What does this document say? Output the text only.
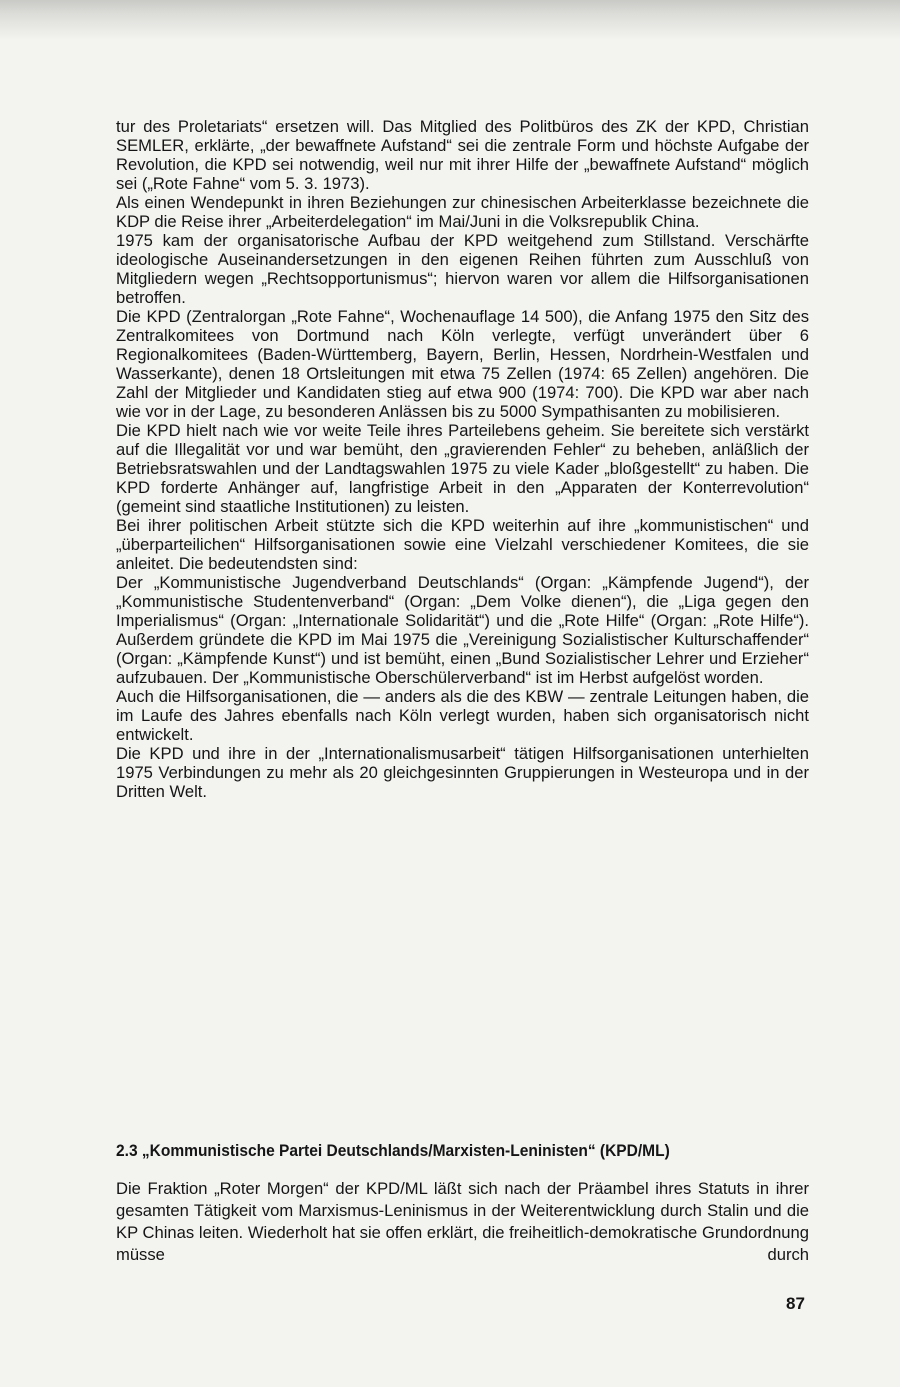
tur des Proletariats“ ersetzen will. Das Mitglied des Politbüros des ZK der KPD, Christian SEMLER, erklärte, „der bewaffnete Aufstand“ sei die zentrale Form und höchste Aufgabe der Revolution, die KPD sei notwendig, weil nur mit ihrer Hilfe der „bewaffnete Aufstand“ möglich sei („Rote Fahne“ vom 5. 3. 1973).

Als einen Wendepunkt in ihren Beziehungen zur chinesischen Arbeiterklasse bezeichnete die KDP die Reise ihrer „Arbeiterdelegation“ im Mai/Juni in die Volksrepublik China.

1975 kam der organisatorische Aufbau der KPD weitgehend zum Stillstand. Verschärfte ideologische Auseinandersetzungen in den eigenen Reihen führten zum Ausschluß von Mitgliedern wegen „Rechtsopportunismus“; hiervon waren vor allem die Hilfsorganisationen betroffen.

Die KPD (Zentralorgan „Rote Fahne“, Wochenauflage 14 500), die Anfang 1975 den Sitz des Zentralkomitees von Dortmund nach Köln verlegte, verfügt unverändert über 6 Regionalkomitees (Baden-Württemberg, Bayern, Berlin, Hessen, Nordrhein-Westfalen und Wasserkante), denen 18 Ortsleitungen mit etwa 75 Zellen (1974: 65 Zellen) angehören. Die Zahl der Mitglieder und Kandidaten stieg auf etwa 900 (1974: 700). Die KPD war aber nach wie vor in der Lage, zu besonderen Anlässen bis zu 5000 Sympathisanten zu mobilisieren.

Die KPD hielt nach wie vor weite Teile ihres Parteilebens geheim. Sie bereitete sich verstärkt auf die Illegalität vor und war bemüht, den „gravierenden Fehler“ zu beheben, anläßlich der Betriebsratswahlen und der Landtagswahlen 1975 zu viele Kader „bloßgestellt“ zu haben. Die KPD forderte Anhänger auf, langfristige Arbeit in den „Apparaten der Konterrevolution“ (gemeint sind staatliche Institutionen) zu leisten.

Bei ihrer politischen Arbeit stützte sich die KPD weiterhin auf ihre „kommunistischen“ und „überparteilichen“ Hilfsorganisationen sowie eine Vielzahl verschiedener Komitees, die sie anleitet. Die bedeutendsten sind:

Der „Kommunistische Jugendverband Deutschlands“ (Organ: „Kämpfende Jugend“), der „Kommunistische Studentenverband“ (Organ: „Dem Volke dienen“), die „Liga gegen den Imperialismus“ (Organ: „Internationale Solidarität“) und die „Rote Hilfe“ (Organ: „Rote Hilfe“). Außerdem gründete die KPD im Mai 1975 die „Vereinigung Sozialistischer Kulturschaffender“ (Organ: „Kämpfende Kunst“) und ist bemüht, einen „Bund Sozialistischer Lehrer und Erzieher“ aufzubauen. Der „Kommunistische Oberschülerverband“ ist im Herbst aufgelöst worden.

Auch die Hilfsorganisationen, die — anders als die des KBW — zentrale Leitungen haben, die im Laufe des Jahres ebenfalls nach Köln verlegt wurden, haben sich organisatorisch nicht entwickelt.

Die KPD und ihre in der „Internationalismusarbeit“ tätigen Hilfsorganisationen unterhielten 1975 Verbindungen zu mehr als 20 gleichgesinnten Gruppierungen in Westeuropa und in der Dritten Welt.

2.3 „Kommunistische Partei Deutschlands/Marxisten-Leninisten“ (KPD/ML)
Die Fraktion „Roter Morgen“ der KPD/ML läßt sich nach der Präambel ihres Statuts in ihrer gesamten Tätigkeit vom Marxismus-Leninismus in der Weiterentwicklung durch Stalin und die KP Chinas leiten. Wiederholt hat sie offen erklärt, die freiheitlich-demokratische Grundordnung müsse durch
87
